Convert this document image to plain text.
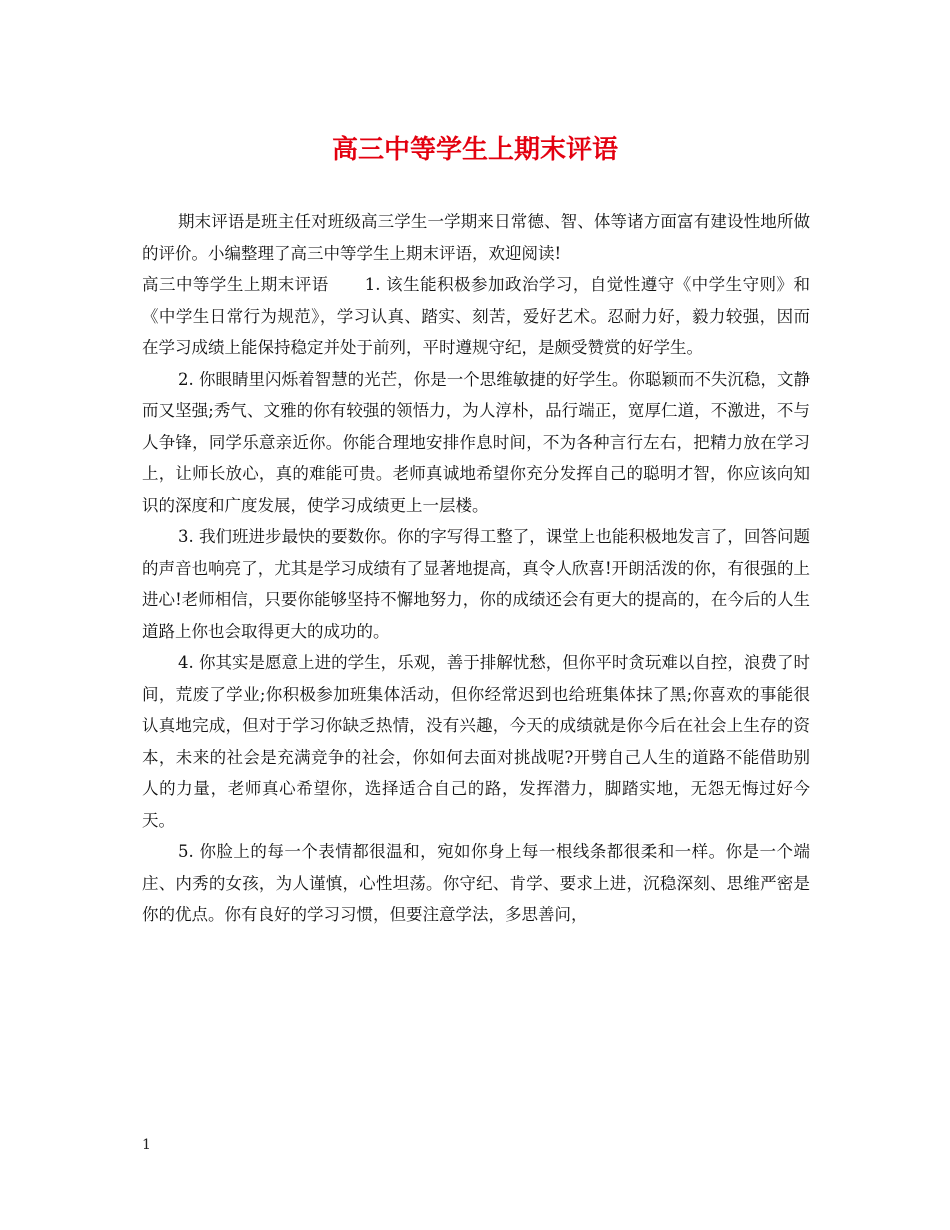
高三中等学生上期末评语

期末评语是班主任对班级高三学生一学期来日常德、智、体等诸方面富有建设性地所做的评价。小编整理了高三中等学生上期末评语，欢迎阅读!

高三中等学生上期末评语 1. 该生能积极参加政治学习，自觉性遵守《中学生守则》和《中学生日常行为规范》，学习认真、踏实、刻苦，爱好艺术。忍耐力好，毅力较强，因而在学习成绩上能保持稳定并处于前列，平时遵规守纪，是颇受赞赏的好学生。

2. 你眼睛里闪烁着智慧的光芒，你是一个思维敏捷的好学生。你聪颖而不失沉稳，文静而又坚强;秀气、文雅的你有较强的领悟力，为人淳朴，品行端正，宽厚仁道，不激进，不与人争锋，同学乐意亲近你。你能合理地安排作息时间，不为各种言行左右，把精力放在学习上，让师长放心，真的难能可贵。老师真诚地希望你充分发挥自己的聪明才智，你应该向知识的深度和广度发展，使学习成绩更上一层楼。

3. 我们班进步最快的要数你。你的字写得工整了，课堂上也能积极地发言了，回答问题的声音也响亮了，尤其是学习成绩有了显著地提高，真令人欣喜!开朗活泼的你，有很强的上进心!老师相信，只要你能够坚持不懈地努力，你的成绩还会有更大的提高的，在今后的人生道路上你也会取得更大的成功的。

4. 你其实是愿意上进的学生，乐观，善于排解忧愁，但你平时贪玩难以自控，浪费了时间，荒废了学业;你积极参加班集体活动，但你经常迟到也给班集体抹了黑;你喜欢的事能很认真地完成，但对于学习你缺乏热情，没有兴趣，今天的成绩就是你今后在社会上生存的资本，未来的社会是充满竞争的社会，你如何去面对挑战呢?开劈自己人生的道路不能借助别人的力量，老师真心希望你，选择适合自己的路，发挥潜力，脚踏实地，无怨无悔过好今天。

5. 你脸上的每一个表情都很温和，宛如你身上每一根线条都很柔和一样。你是一个端庄、内秀的女孩，为人谨慎，心性坦荡。你守纪、肯学、要求上进，沉稳深刻、思维严密是你的优点。你有良好的学习习惯，但要注意学法，多思善问，

1
